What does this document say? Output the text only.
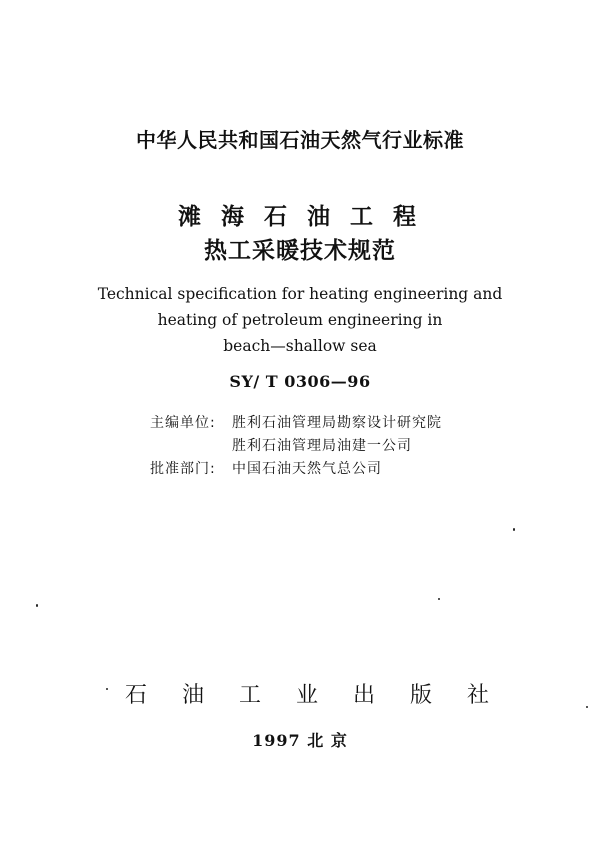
中华人民共和国石油天然气行业标准
滩 海 石 油 工 程
热工采暖技术规范
Technical specification for heating engineering and
heating of petroleum engineering in
beach—shallow sea
SY/ T 0306—96
主编单位:	胜利石油管理局勘察设计研究院
胜利石油管理局油建一公司
批准部门:	中国石油天然气总公司
石 油 工 业 出 版 社
1997 北 京
